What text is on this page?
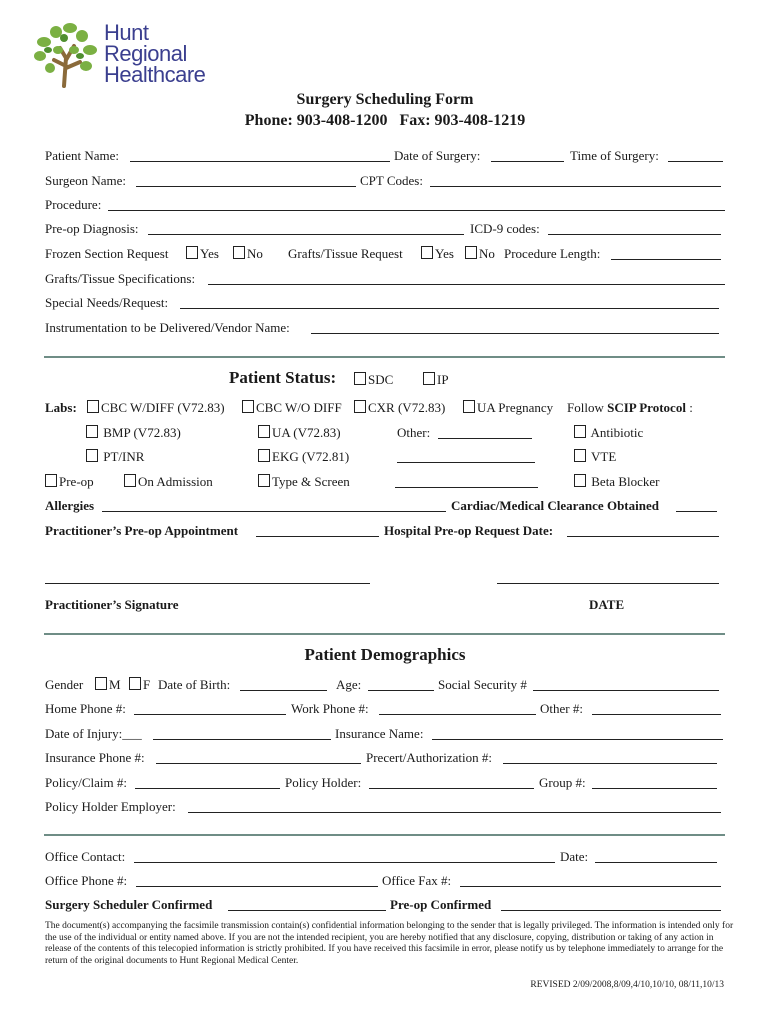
Hunt
Regional
Healthcare
Surgery Scheduling Form
Phone: 903-408-1200   Fax: 903-408-1219
Patient Name:	Date of Surgery:	Time of Surgery:
Surgeon Name:	CPT Codes:
Procedure:
Pre-op Diagnosis:	ICD-9 codes:
Frozen Section Request	Yes	No Grafts/Tissue Request	Yes	No Procedure Length:
Grafts/Tissue Specifications:
Special Needs/Request:
Instrumentation to be Delivered/Vendor Name:
Patient Status:	SDC	IP
Labs:	CBC W/DIFF (V72.83)	CBC W/O DIFF	CXR (V72.83)	UA Pregnancy Follow SCIP Protocol :
BMP (V72.83)	UA (V72.83)	Other:	Antibiotic
PT/INR	EKG (V72.81)	VTE
Pre-op	On Admission	Type & Screen	Beta Blocker
Allergies	Cardiac/Medical Clearance Obtained
Practitioner’s Pre-op Appointment	Hospital Pre-op Request Date:
Practitioner’s Signature	DATE
Patient Demographics
Gender	M	F Date of Birth:	Age:	Social Security #
Home Phone #:	Work Phone #:	Other #:
Date of Injury:___	Insurance Name:
Insurance Phone #:	Precert/Authorization #:
Policy/Claim #:	Policy Holder:	Group #:
Policy Holder Employer:
Office Contact:	Date:
Office Phone #:	Office Fax #:
Surgery Scheduler Confirmed	Pre-op Confirmed
The document(s) accompanying the facsimile transmission contain(s) confidential information belonging to the sender that is legally privileged. The information is intended only for the use of the individual or entity named above. If you are not the intended recipient, you are hereby notified that any disclosure, copying, distribution or taking of any action in release of the contents of this telecopied information is strictly prohibited. If you have received this facsimile in error, please notify us by telephone immediately to arrange for the return of the original documents to Hunt Regional Medical Center.
REVISED 2/09/2008,8/09,4/10,10/10, 08/11,10/13
